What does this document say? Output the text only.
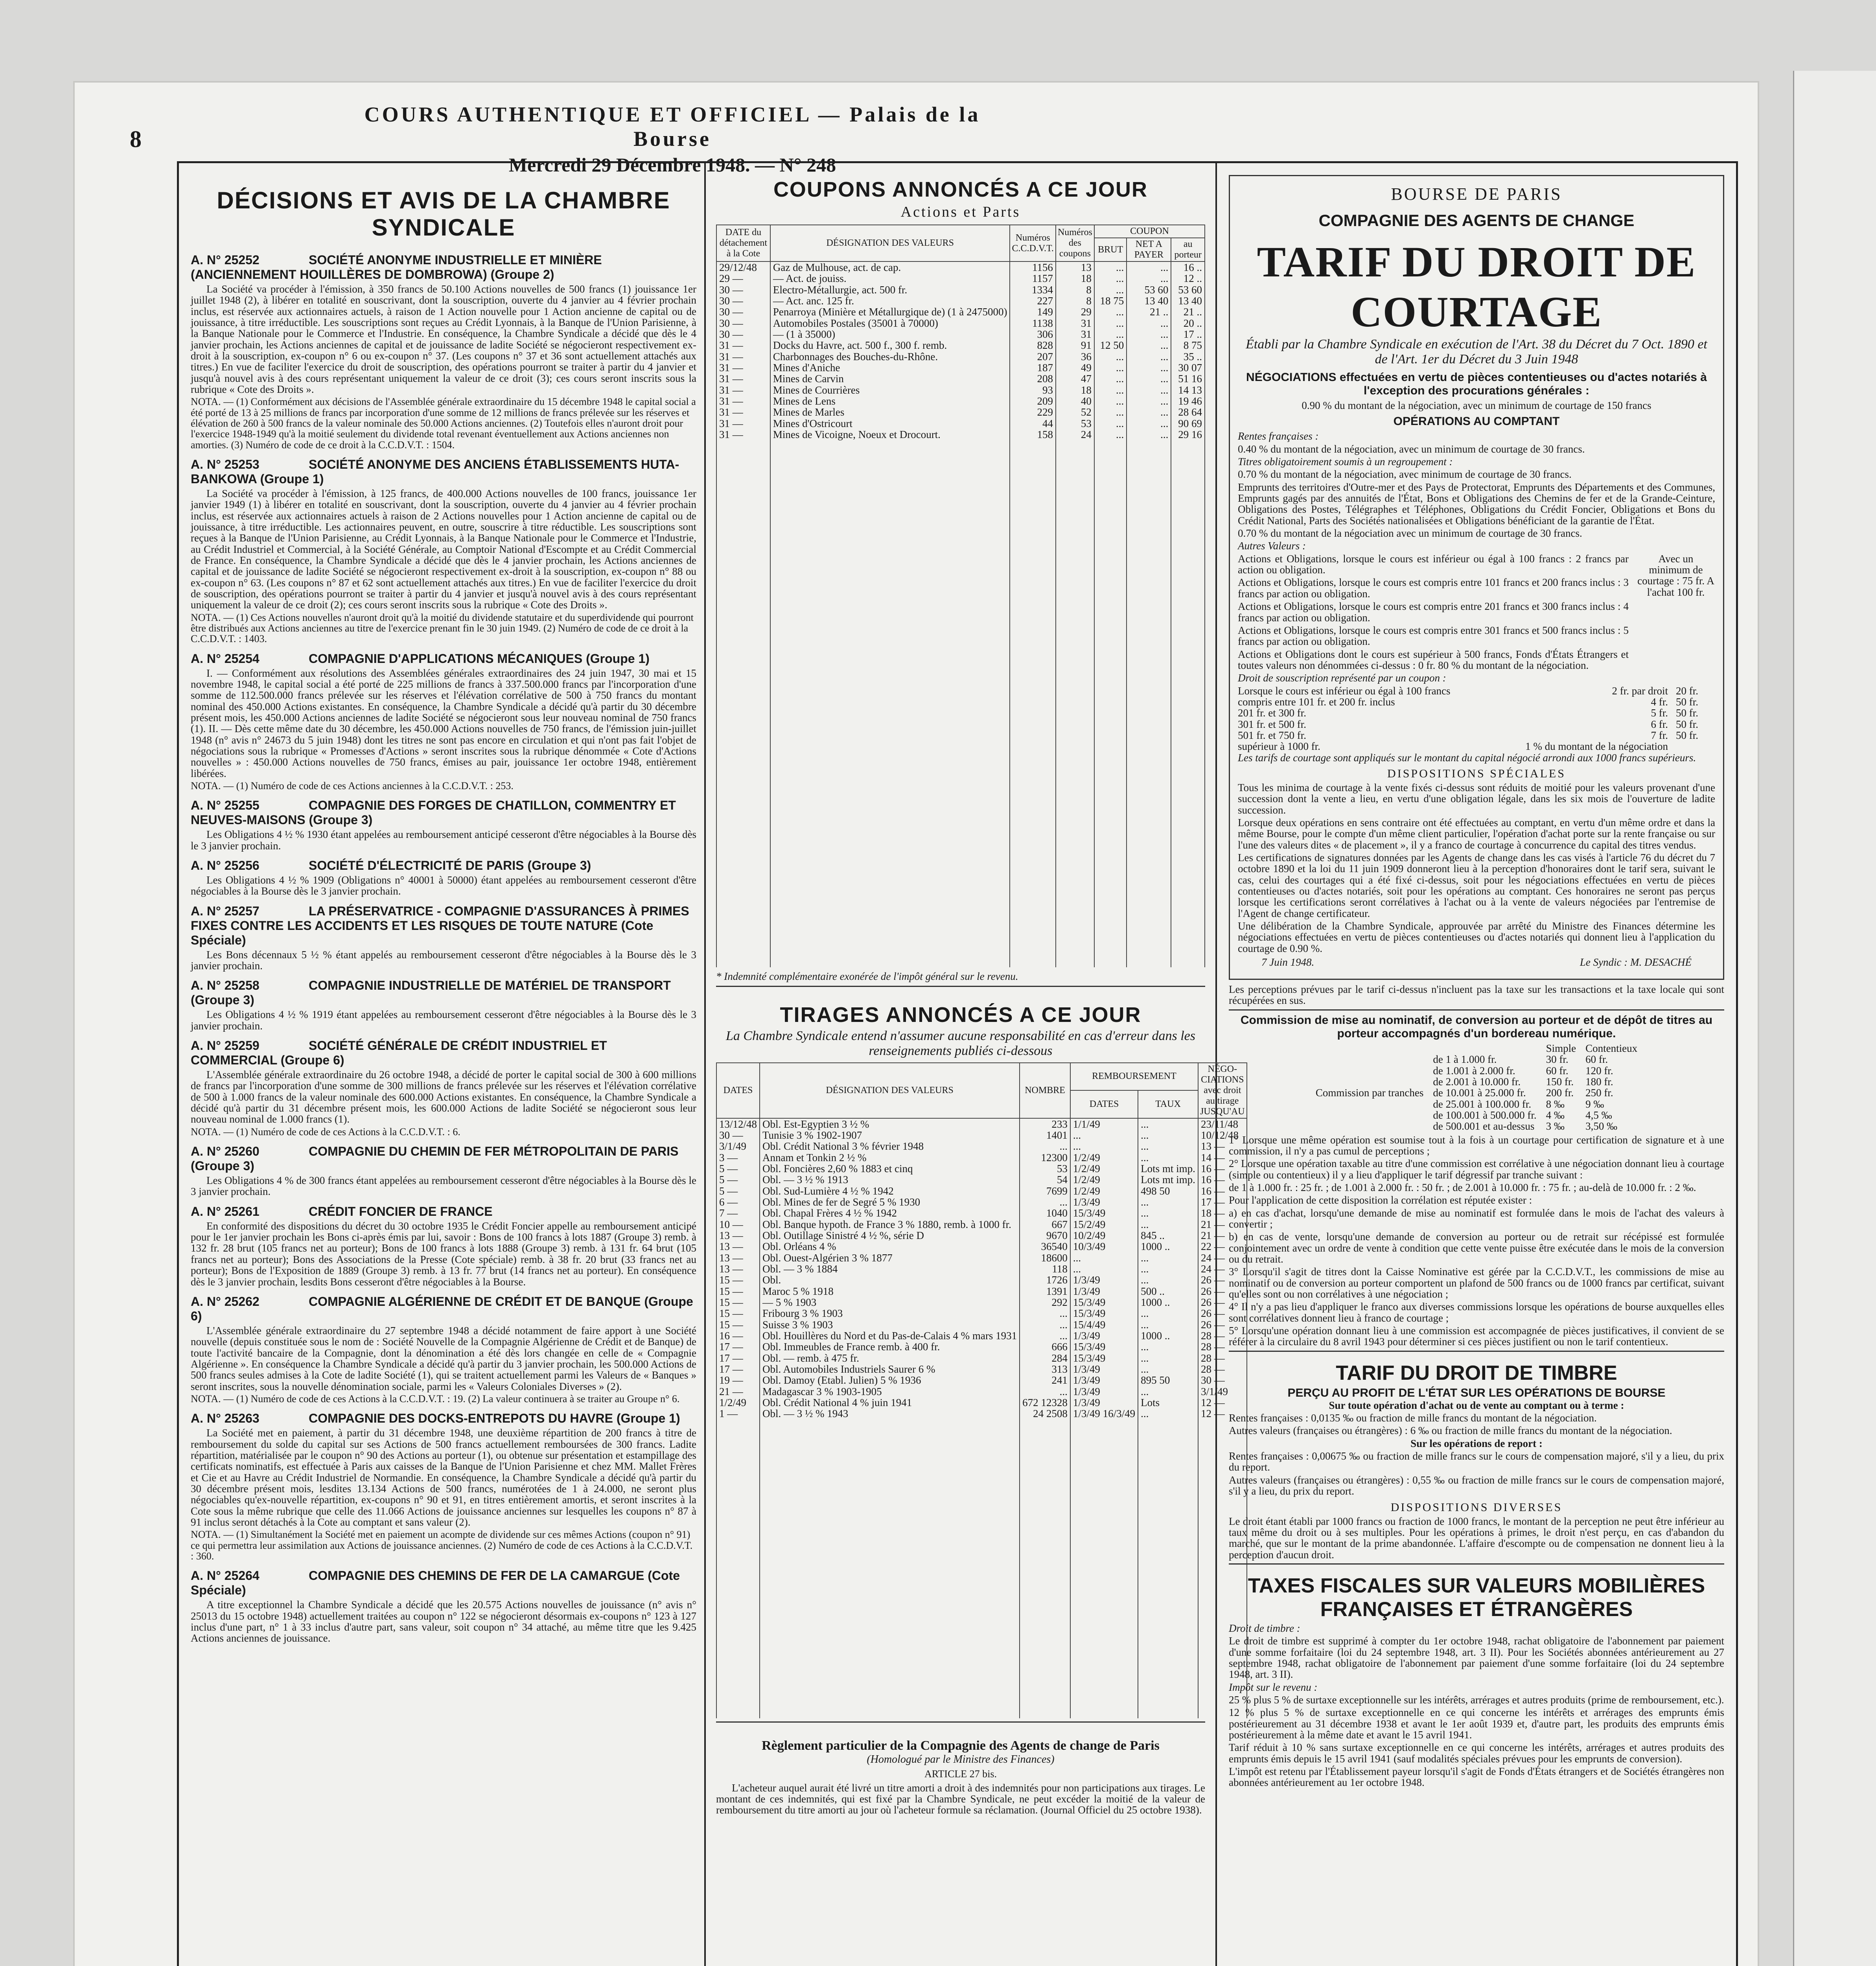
8
COURS AUTHENTIQUE ET OFFICIEL — Palais de la Bourse
Mercredi 29 Décembre 1948. — N° 248
DÉCISIONS ET AVIS DE LA CHAMBRE SYNDICALE
A. N° 25252	SOCIÉTÉ ANONYME INDUSTRIELLE ET MINIÈRE (ANCIENNEMENT HOUILLÈRES DE DOMBROWA) (Groupe 2)

La Société va procéder à l'émission, à 350 francs de 50.100 Actions nouvelles de 500 francs (1) jouissance 1er juillet 1948 (2), à libérer en totalité en souscrivant, dont la souscription, ouverte du 4 janvier au 4 février prochain inclus, est réservée aux actionnaires actuels, à raison de 1 Action nouvelle pour 1 Action ancienne de capital ou de jouissance, à titre irréductible. Les souscriptions sont reçues au Crédit Lyonnais, à la Banque de l'Union Parisienne, à la Banque Nationale pour le Commerce et l'Industrie. En conséquence, la Chambre Syndicale a décidé que dès le 4 janvier prochain, les Actions anciennes de capital et de jouissance de ladite Société se négocieront respectivement ex-droit à la souscription, ex-coupon n° 6 ou ex-coupon n° 37. (Les coupons n° 37 et 36 sont actuellement attachés aux titres.) En vue de faciliter l'exercice du droit de souscription, des opérations pourront se traiter à partir du 4 janvier et jusqu'à nouvel avis à des cours représentant uniquement la valeur de ce droit (3); ces cours seront inscrits sous la rubrique « Cote des Droits ».

NOTA. — (1) Conformément aux décisions de l'Assemblée générale extraordinaire du 15 décembre 1948 le capital social a été porté de 13 à 25 millions de francs par incorporation d'une somme de 12 millions de francs prélevée sur les réserves et élévation de 260 à 500 francs de la valeur nominale des 50.000 Actions anciennes. (2) Toutefois elles n'auront droit pour l'exercice 1948-1949 qu'à la moitié seulement du dividende total revenant éventuellement aux Actions anciennes non amorties. (3) Numéro de code de ce droit à la C.C.D.V.T. : 1504.
A. N° 25253	SOCIÉTÉ ANONYME DES ANCIENS ÉTABLISSEMENTS HUTA-BANKOWA (Groupe 1)

La Société va procéder à l'émission, à 125 francs, de 400.000 Actions nouvelles de 100 francs, jouissance 1er janvier 1949 (1) à libérer en totalité en souscrivant, dont la souscription, ouverte du 4 janvier au 4 février prochain inclus, est réservée aux actionnaires actuels à raison de 2 Actions nouvelles pour 1 Action ancienne de capital ou de jouissance, à titre irréductible. Les actionnaires peuvent, en outre, souscrire à titre réductible. Les souscriptions sont reçues à la Banque de l'Union Parisienne, au Crédit Lyonnais, à la Banque Nationale pour le Commerce et l'Industrie, au Crédit Industriel et Commercial, à la Société Générale, au Comptoir National d'Escompte et au Crédit Commercial de France. En conséquence, la Chambre Syndicale a décidé que dès le 4 janvier prochain, les Actions anciennes de capital et de jouissance de ladite Société se négocieront respectivement ex-droit à la souscription, ex-coupon n° 88 ou ex-coupon n° 63. (Les coupons n° 87 et 62 sont actuellement attachés aux titres.) En vue de faciliter l'exercice du droit de souscription, des opérations pourront se traiter à partir du 4 janvier et jusqu'à nouvel avis à des cours représentant uniquement la valeur de ce droit (2); ces cours seront inscrits sous la rubrique « Cote des Droits ».

NOTA. — (1) Ces Actions nouvelles n'auront droit qu'à la moitié du dividende statutaire et du superdividende qui pourront être distribués aux Actions anciennes au titre de l'exercice prenant fin le 30 juin 1949. (2) Numéro de code de ce droit à la C.C.D.V.T. : 1403.
A. N° 25254	COMPAGNIE D'APPLICATIONS MÉCANIQUES (Groupe 1)

I. — Conformément aux résolutions des Assemblées générales extraordinaires des 24 juin 1947, 30 mai et 15 novembre 1948, le capital social a été porté de 225 millions de francs à 337.500.000 francs par l'incorporation d'une somme de 112.500.000 francs prélevée sur les réserves et l'élévation corrélative de 500 à 750 francs du montant nominal des 450.000 Actions existantes. En conséquence, la Chambre Syndicale a décidé qu'à partir du 30 décembre présent mois, les 450.000 Actions anciennes de ladite Société se négocieront sous leur nouveau nominal de 750 francs (1). II. — Dès cette même date du 30 décembre, les 450.000 Actions nouvelles de 750 francs, de l'émission juin-juillet 1948 (n° avis n° 24673 du 5 juin 1948) dont les titres ne sont pas encore en circulation et qui n'ont pas fait l'objet de négociations sous la rubrique « Promesses d'Actions » seront inscrites sous la rubrique dénommée « Cote d'Actions nouvelles » : 450.000 Actions nouvelles de 750 francs, émises au pair, jouissance 1er octobre 1948, entièrement libérées.

NOTA. — (1) Numéro de code de ces Actions anciennes à la C.C.D.V.T. : 253.
A. N° 25255	COMPAGNIE DES FORGES DE CHATILLON, COMMENTRY ET NEUVES-MAISONS (Groupe 3)

Les Obligations 4 ½ % 1930 étant appelées au remboursement anticipé cesseront d'être négociables à la Bourse dès le 3 janvier prochain.

A. N° 25256	SOCIÉTÉ D'ÉLECTRICITÉ DE PARIS (Groupe 3)

Les Obligations 4 ½ % 1909 (Obligations n° 40001 à 50000) étant appelées au remboursement cesseront d'être négociables à la Bourse dès le 3 janvier prochain.

A. N° 25257	LA PRÉSERVATRICE - COMPAGNIE D'ASSURANCES À PRIMES FIXES CONTRE LES ACCIDENTS ET LES RISQUES DE TOUTE NATURE (Cote Spéciale)

Les Bons décennaux 5 ½ % étant appelés au remboursement cesseront d'être négociables à la Bourse dès le 3 janvier prochain.

A. N° 25258	COMPAGNIE INDUSTRIELLE DE MATÉRIEL DE TRANSPORT (Groupe 3)

Les Obligations 4 ½ % 1919 étant appelées au remboursement cesseront d'être négociables à la Bourse dès le 3 janvier prochain.

A. N° 25259	SOCIÉTÉ GÉNÉRALE DE CRÉDIT INDUSTRIEL ET COMMERCIAL (Groupe 6)

L'Assemblée générale extraordinaire du 26 octobre 1948, a décidé de porter le capital social de 300 à 600 millions de francs par l'incorporation d'une somme de 300 millions de francs prélevée sur les réserves et l'élévation corrélative de 500 à 1.000 francs de la valeur nominale des 600.000 Actions existantes. En conséquence, la Chambre Syndicale a décidé qu'à partir du 31 décembre présent mois, les 600.000 Actions de ladite Société se négocieront sous leur nouveau nominal de 1.000 francs (1).

NOTA. — (1) Numéro de code de ces Actions à la C.C.D.V.T. : 6.
A. N° 25260	COMPAGNIE DU CHEMIN DE FER MÉTROPOLITAIN DE PARIS (Groupe 3)

Les Obligations 4 % de 300 francs étant appelées au remboursement cesseront d'être négociables à la Bourse dès le 3 janvier prochain.

A. N° 25261	CRÉDIT FONCIER DE FRANCE

En conformité des dispositions du décret du 30 octobre 1935 le Crédit Foncier appelle au remboursement anticipé pour le 1er janvier prochain les Bons ci-après émis par lui, savoir : Bons de 100 francs à lots 1887 (Groupe 3) remb. à 132 fr. 28 brut (105 francs net au porteur); Bons de 100 francs à lots 1888 (Groupe 3) remb. à 131 fr. 64 brut (105 francs net au porteur); Bons des Associations de la Presse (Cote spéciale) remb. à 38 fr. 20 brut (33 francs net au porteur); Bons de l'Exposition de 1889 (Groupe 3) remb. à 13 fr. 77 brut (14 francs net au porteur). En conséquence dès le 3 janvier prochain, lesdits Bons cesseront d'être négociables à la Bourse.

A. N° 25262	COMPAGNIE ALGÉRIENNE DE CRÉDIT ET DE BANQUE (Groupe 6)

L'Assemblée générale extraordinaire du 27 septembre 1948 a décidé notamment de faire apport à une Société nouvelle (depuis constituée sous le nom de : Société Nouvelle de la Compagnie Algérienne de Crédit et de Banque) de toute l'activité bancaire de la Compagnie, dont la dénomination a été dès lors changée en celle de « Compagnie Algérienne ». En conséquence la Chambre Syndicale a décidé qu'à partir du 3 janvier prochain, les 500.000 Actions de 500 francs seules admises à la Cote de ladite Société (1), qui se traitent actuellement parmi les Valeurs de « Banques » seront inscrites, sous la nouvelle dénomination sociale, parmi les « Valeurs Coloniales Diverses » (2).

NOTA. — (1) Numéro de code de ces Actions à la C.C.D.V.T. : 19. (2) La valeur continuera à se traiter au Groupe n° 6.
A. N° 25263	COMPAGNIE DES DOCKS-ENTREPOTS DU HAVRE (Groupe 1)

La Société met en paiement, à partir du 31 décembre 1948, une deuxième répartition de 200 francs à titre de remboursement du solde du capital sur ses Actions de 500 francs actuellement remboursées de 300 francs. Ladite répartition, matérialisée par le coupon n° 90 des Actions au porteur (1), ou obtenue sur présentation et estampillage des certificats nominatifs, est effectuée à Paris aux caisses de la Banque de l'Union Parisienne et chez MM. Mallet Frères et Cie et au Havre au Crédit Industriel de Normandie. En conséquence, la Chambre Syndicale a décidé qu'à partir du 30 décembre présent mois, lesdites 13.134 Actions de 500 francs, numérotées de 1 à 24.000, ne seront plus négociables qu'ex-nouvelle répartition, ex-coupons n° 90 et 91, en titres entièrement amortis, et seront inscrites à la Cote sous la même rubrique que celle des 11.066 Actions de jouissance anciennes sur lesquelles les coupons n° 87 à 91 inclus seront détachés à la Cote au comptant et sans valeur (2).

NOTA. — (1) Simultanément la Société met en paiement un acompte de dividende sur ces mêmes Actions (coupon n° 91) ce qui permettra leur assimilation aux Actions de jouissance anciennes. (2) Numéro de code de ces Actions à la C.C.D.V.T. : 360.
A. N° 25264	COMPAGNIE DES CHEMINS DE FER DE LA CAMARGUE (Cote Spéciale)

A titre exceptionnel la Chambre Syndicale a décidé que les 20.575 Actions nouvelles de jouissance (n° avis n° 25013 du 15 octobre 1948) actuellement traitées au coupon n° 122 se négocieront désormais ex-coupons n° 123 à 127 inclus d'une part, n° 1 à 33 inclus d'autre part, sans valeur, soit coupon n° 34 attaché, au même titre que les 9.425 Actions anciennes de jouissance.

COUPONS ANNONCÉS A CE JOUR
Actions et Parts
DATE du détachement à la Cote	DÉSIGNATION DES VALEURS	Numéros C.C.D.V.T.	Numéros des coupons	COUPON		
				BRUT	NET A PAYER	au porteur
29/12/48	Gaz de Mulhouse, act. de cap.	1156	13	...	...	16 ..
29 —	— Act. de jouiss.	1157	18	...	...	12 ..
30 —	Electro-Métallurgie, act. 500 fr.	1334	8	...	53 60	53 60
30 —	— Act. anc. 125 fr.	227	8	18 75	13 40	13 40
30 —	Penarroya (Minière et Métallurgique de) (1 à 2475000)	149	29	...	21 ..	21 ..
30 —	Automobiles Postales (35001 à 70000)	1138	31	...	...	20 ..
30 —	— (1 à 35000)	306	31	...	...	17 ..
31 —	Docks du Havre, act. 500 f., 300 f. remb.	828	91	12 50	...	8 75
31 —	Charbonnages des Bouches-du-Rhône.	207	36	...	...	35 ..
31 —	Mines d'Aniche	187	49	...	...	30 07
31 —	Mines de Carvin	208	47	...	...	51 16
31 —	Mines de Courrières	93	18	...	...	14 13
31 —	Mines de Lens	209	40	...	...	19 46
31 —	Mines de Marles	229	52	...	...	28 64
31 —	Mines d'Ostricourt	44	53	...	...	90 69
31 —	Mines de Vicoigne, Noeux et Drocourt.	158	24	...	...	29 16

* Indemnité complémentaire exonérée de l'impôt général sur le revenu.
TIRAGES ANNONCÉS A CE JOUR
La Chambre Syndicale entend n'assumer aucune responsabilité en cas d'erreur dans les renseignements publiés ci-dessous
DATES	DÉSIGNATION DES VALEURS	NOMBRE	REMBOURSEMENT		NÉGO-CIATIONS avec droit au tirage JUSQU'AU
			DATES	TAUX	
13/12/48	Obl. Est-Egyptien 3 ½ %	233	1/1/49	...	23/11/48
30 —	Tunisie 3 % 1902-1907	1401	...	...	10/12/48
3/1/49	Obl. Crédit National 3 % février 1948	...	...	...	13 —
3 —	Annam et Tonkin 2 ½ %	12300	1/2/49	...	14 —
5 —	Obl. Foncières 2,60 % 1883 et cinq	53	1/2/49	Lots mt imp.	16 —
5 —	Obl. — 3 ½ % 1913	54	1/2/49	Lots mt imp.	16 —
5 —	Obl. Sud-Lumière 4 ½ % 1942	7699	1/2/49	498 50	16 —
6 —	Obl. Mines de fer de Segré 5 % 1930	...	1/3/49	...	17 —
7 —	Obl. Chapal Frères 4 ½ % 1942	1040	15/3/49	...	18 —
10 —	Obl. Banque hypoth. de France 3 % 1880, remb. à 1000 fr.	667	15/2/49	...	21 —
13 —	Obl. Outillage Sinistré 4 ½ %, série D	9670	10/2/49	845 ..	21 —
13 —	Obl. Orléans 4 %	36540	10/3/49	1000 ..	22 —
13 —	Obl. Ouest-Algérien 3 % 1877	18600	...	...	24 —
13 —	Obl. — 3 % 1884	118	...	...	24 —
15 —	Obl.	1726	1/3/49	...	26 —
15 —	Maroc 5 % 1918	1391	1/3/49	500 ..	26 —
15 —	— 5 % 1903	292	15/3/49	1000 ..	26 —
15 —	Fribourg 3 % 1903	...	15/3/49	...	26 —
15 —	Suisse 3 % 1903	...	15/4/49	...	26 —
16 —	Obl. Houillères du Nord et du Pas-de-Calais 4 % mars 1931	...	1/3/49	1000 ..	28 —
17 —	Obl. Immeubles de France remb. à 400 fr.	666	15/3/49	...	28 —
17 —	Obl. — remb. à 475 fr.	284	15/3/49	...	28 —
17 —	Obl. Automobiles Industriels Saurer 6 %	313	1/3/49	...	28 —
19 —	Obl. Damoy (Etabl. Julien) 5 % 1936	241	1/3/49	895 50	30 —
21 —	Madagascar 3 % 1903-1905	...	1/3/49	...	3/1/49
1/2/49	Obl. Crédit National 4 % juin 1941	672 12328	1/3/49	Lots	12 —
1 —	Obl. — 3 ½ % 1943	24 2508	1/3/49 16/3/49	...	12 —

Règlement particulier de la Compagnie des Agents de change de Paris
(Homologué par le Ministre des Finances)
ARTICLE 27 bis.

L'acheteur auquel aurait été livré un titre amorti a droit à des indemnités pour non participations aux tirages. Le montant de ces indemnités, qui est fixé par la Chambre Syndicale, ne peut excéder la moitié de la valeur de remboursement du titre amorti au jour où l'acheteur formule sa réclamation. (Journal Officiel du 25 octobre 1938).

BOURSE DE PARIS
COMPAGNIE DES AGENTS DE CHANGE
TARIF DU DROIT DE COURTAGE
Établi par la Chambre Syndicale en exécution de l'Art. 38 du Décret du 7 Oct. 1890 et de l'Art. 1er du Décret du 3 Juin 1948
NÉGOCIATIONS effectuées en vertu de pièces contentieuses ou d'actes notariés à l'exception des procurations générales :
0.90 % du montant de la négociation, avec un minimum de courtage de 150 francs
OPÉRATIONS AU COMPTANT

Rentes françaises :

0.40 % du montant de la négociation, avec un minimum de courtage de 30 francs.

Titres obligatoirement soumis à un regroupement :

0.70 % du montant de la négociation, avec minimum de courtage de 30 francs.

Emprunts des territoires d'Outre-mer et des Pays de Protectorat, Emprunts des Départements et des Communes, Emprunts gagés par des annuités de l'État, Bons et Obligations des Chemins de fer et de la Grande-Ceinture, Obligations des Postes, Télégraphes et Téléphones, Obligations du Crédit Foncier, Obligations et Bons du Crédit National, Parts des Sociétés nationalisées et Obligations bénéficiant de la garantie de l'État.

0.70 % du montant de la négociation avec un minimum de courtage de 30 francs.

Autres Valeurs :

Actions et Obligations, lorsque le cours est inférieur ou égal à 100 francs : 2 francs par action ou obligation.

Actions et Obligations, lorsque le cours est compris entre 101 francs et 200 francs inclus : 3 francs par action ou obligation.

Actions et Obligations, lorsque le cours est compris entre 201 francs et 300 francs inclus : 4 francs par action ou obligation.

Actions et Obligations, lorsque le cours est compris entre 301 francs et 500 francs inclus : 5 francs par action ou obligation.

Actions et Obligations dont le cours est supérieur à 500 francs, Fonds d'États Étrangers et toutes valeurs non dénommées ci-dessus : 0 fr. 80 % du montant de la négociation.

Avec un minimum de courtage : 75 fr. A l'achat 100 fr.

Droit de souscription représenté par un coupon :

Lorsque le cours est inférieur ou égal à 100 francs	2 fr. par droit
compris entre 101 fr. et 200 fr. inclus	4 fr.
201 fr. et 300 fr.	5 fr.
301 fr. et 500 fr.	6 fr.
501 fr. et 750 fr.	7 fr.
supérieur à 1000 fr.	1 % du montant de la négociation
20 fr.
50 fr.
50 fr.
50 fr.
50 fr.

Les tarifs de courtage sont appliqués sur le montant du capital négocié arrondi aux 1000 francs supérieurs.

DISPOSITIONS SPÉCIALES

Tous les minima de courtage à la vente fixés ci-dessus sont réduits de moitié pour les valeurs provenant d'une succession dont la vente a lieu, en vertu d'une obligation légale, dans les six mois de l'ouverture de ladite succession.

Lorsque deux opérations en sens contraire ont été effectuées au comptant, en vertu d'un même ordre et dans la même Bourse, pour le compte d'un même client particulier, l'opération d'achat porte sur la rente française ou sur l'une des valeurs dites « de placement », il y a franco de courtage à concurrence du capital des titres vendus.

Les certifications de signatures données par les Agents de change dans les cas visés à l'article 76 du décret du 7 octobre 1890 et la loi du 11 juin 1909 donneront lieu à la perception d'honoraires dont le tarif sera, suivant le cas, celui des courtages qui a été fixé ci-dessus, soit pour les négociations effectuées en vertu de pièces contentieuses ou d'actes notariés, soit pour les opérations au comptant. Ces honoraires ne seront pas perçus lorsque les certifications seront corrélatives à l'achat ou à la vente de valeurs négociées par l'entremise de l'Agent de change certificateur.

Une délibération de la Chambre Syndicale, approuvée par arrêté du Ministre des Finances détermine les négociations effectuées en vertu de pièces contentieuses ou d'actes notariés qui donnent lieu à l'application du courtage de 0.90 %.

7 Juin 1948.	Le Syndic : M. DESACHÉ

Les perceptions prévues par le tarif ci-dessus n'incluent pas la taxe sur les transactions et la taxe locale qui sont récupérées en sus.

Commission de mise au nominatif, de conversion au porteur et de dépôt de titres au porteur accompagnés d'un bordereau numérique.
		Simple	Contentieux
	de 1 à 1.000 fr.	30 fr.	60 fr.
	de 1.001 à 2.000 fr.	60 fr.	120 fr.
	de 2.001 à 10.000 fr.	150 fr.	180 fr.
Commission par tranches	de 10.001 à 25.000 fr.	200 fr.	250 fr.
	de 25.001 à 100.000 fr.	8 ‰	9 ‰
	de 100.001 à 500.000 fr.	4 ‰	4,5 ‰
	de 500.001 et au-dessus	3 ‰	3,50 ‰

1° Lorsque une même opération est soumise tout à la fois à un courtage pour certification de signature et à une commission, il n'y a pas cumul de perceptions ;

2° Lorsque une opération taxable au titre d'une commission est corrélative à une négociation donnant lieu à courtage (simple ou contentieux) il y a lieu d'appliquer le tarif dégressif par tranche suivant :

de 1 à 1.000 fr. : 25 fr. ; de 1.001 à 2.000 fr. : 50 fr. ; de 2.001 à 10.000 fr. : 75 fr. ; au-delà de 10.000 fr. : 2 ‰.

Pour l'application de cette disposition la corrélation est réputée exister :

a) en cas d'achat, lorsqu'une demande de mise au nominatif est formulée dans le mois de l'achat des valeurs à convertir ;

b) en cas de vente, lorsqu'une demande de conversion au porteur ou de retrait sur récépissé est formulée conjointement avec un ordre de vente à condition que cette vente puisse être exécutée dans le mois de la conversion ou du retrait.

3° Lorsqu'il s'agit de titres dont la Caisse Nominative est gérée par la C.C.D.V.T., les commissions de mise au nominatif ou de conversion au porteur comportent un plafond de 500 francs ou de 1000 francs par certificat, suivant qu'elles sont ou non corrélatives à une négociation ;

4° Il n'y a pas lieu d'appliquer le franco aux diverses commissions lorsque les opérations de bourse auxquelles elles sont corrélatives donnent lieu à franco de courtage ;

5° Lorsqu'une opération donnant lieu à une commission est accompagnée de pièces justificatives, il convient de se référer à la circulaire du 8 avril 1943 pour déterminer si ces pièces justifient ou non le tarif contentieux.

TARIF DU DROIT DE TIMBRE
PERÇU AU PROFIT DE L'ÉTAT SUR LES OPÉRATIONS DE BOURSE

Sur toute opération d'achat ou de vente au comptant ou à terme :

Rentes françaises : 0,0135 ‰ ou fraction de mille francs du montant de la négociation.

Autres valeurs (françaises ou étrangères) : 6 ‰ ou fraction de mille francs du montant de la négociation.

Sur les opérations de report :

Rentes françaises : 0,00675 ‰ ou fraction de mille francs sur le cours de compensation majoré, s'il y a lieu, du prix du report.

Autres valeurs (françaises ou étrangères) : 0,55 ‰ ou fraction de mille francs sur le cours de compensation majoré, s'il y a lieu, du prix du report.

DISPOSITIONS DIVERSES

Le droit étant établi par 1000 francs ou fraction de 1000 francs, le montant de la perception ne peut être inférieur au taux même du droit ou à ses multiples. Pour les opérations à primes, le droit n'est perçu, en cas d'abandon du marché, que sur le montant de la prime abandonnée. L'affaire d'escompte ou de compensation ne donnent lieu à la perception d'aucun droit.

TAXES FISCALES SUR VALEURS MOBILIÈRES FRANÇAISES ET ÉTRANGÈRES

Droit de timbre :

Le droit de timbre est supprimé à compter du 1er octobre 1948, rachat obligatoire de l'abonnement par paiement d'une somme forfaitaire (loi du 24 septembre 1948, art. 3 II). Pour les Sociétés abonnées antérieurement au 27 septembre 1948, rachat obligatoire de l'abonnement par paiement d'une somme forfaitaire (loi du 24 septembre 1948, art. 3 II).

Impôt sur le revenu :

25 % plus 5 % de surtaxe exceptionnelle sur les intérêts, arrérages et autres produits (prime de remboursement, etc.).

12 % plus 5 % de surtaxe exceptionnelle en ce qui concerne les intérêts et arrérages des emprunts émis postérieurement au 31 décembre 1938 et avant le 1er août 1939 et, d'autre part, les produits des emprunts émis postérieurement à la même date et avant le 15 avril 1941.

Tarif réduit à 10 % sans surtaxe exceptionnelle en ce qui concerne les intérêts, arrérages et autres produits des emprunts émis depuis le 15 avril 1941 (sauf modalités spéciales prévues pour les emprunts de conversion).

L'impôt est retenu par l'Établissement payeur lorsqu'il s'agit de Fonds d'États étrangers et de Sociétés étrangères non abonnées antérieurement au 1er octobre 1948.
